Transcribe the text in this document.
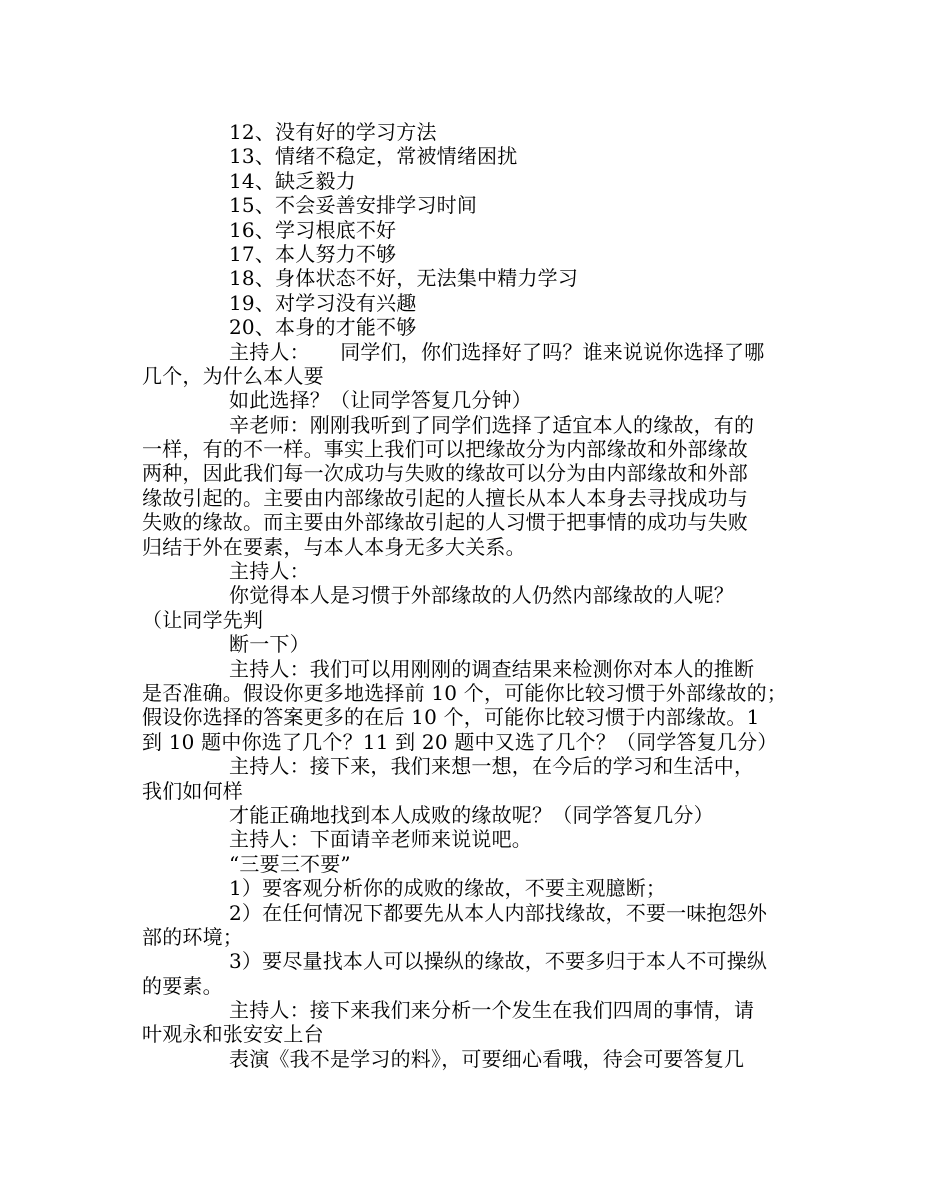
12、没有好的学习方法
13、情绪不稳定，常被情绪困扰
14、缺乏毅力
15、不会妥善安排学习时间
16、学习根底不好
17、本人努力不够
18、身体状态不好，无法集中精力学习
19、对学习没有兴趣
20、本身的才能不够
主持人：　　同学们，你们选择好了吗？谁来说说你选择了哪
几个，为什么本人要
如此选择？（让同学答复几分钟）
辛老师：刚刚我听到了同学们选择了适宜本人的缘故，有的
一样，有的不一样。事实上我们可以把缘故分为内部缘故和外部缘故
两种，因此我们每一次成功与失败的缘故可以分为由内部缘故和外部
缘故引起的。主要由内部缘故引起的人擅长从本人本身去寻找成功与
失败的缘故。而主要由外部缘故引起的人习惯于把事情的成功与失败
归结于外在要素，与本人本身无多大关系。
主持人：
你觉得本人是习惯于外部缘故的人仍然内部缘故的人呢？
（让同学先判
断一下）
主持人：我们可以用刚刚的调查结果来检测你对本人的推断
是否准确。假设你更多地选择前 10 个，可能你比较习惯于外部缘故的；
假设你选择的答案更多的在后 10 个，可能你比较习惯于内部缘故。1
到 10 题中你选了几个？11 到 20 题中又选了几个？（同学答复几分）
主持人：接下来，我们来想一想，在今后的学习和生活中，
我们如何样
才能正确地找到本人成败的缘故呢？（同学答复几分）
主持人：下面请辛老师来说说吧。
“三要三不要”
1）要客观分析你的成败的缘故，不要主观臆断；
2）在任何情况下都要先从本人内部找缘故，不要一味抱怨外
部的环境；
3）要尽量找本人可以操纵的缘故，不要多归于本人不可操纵
的要素。
主持人：接下来我们来分析一个发生在我们四周的事情，请
叶观永和张安安上台
表演《我不是学习的料》，可要细心看哦，待会可要答复几
